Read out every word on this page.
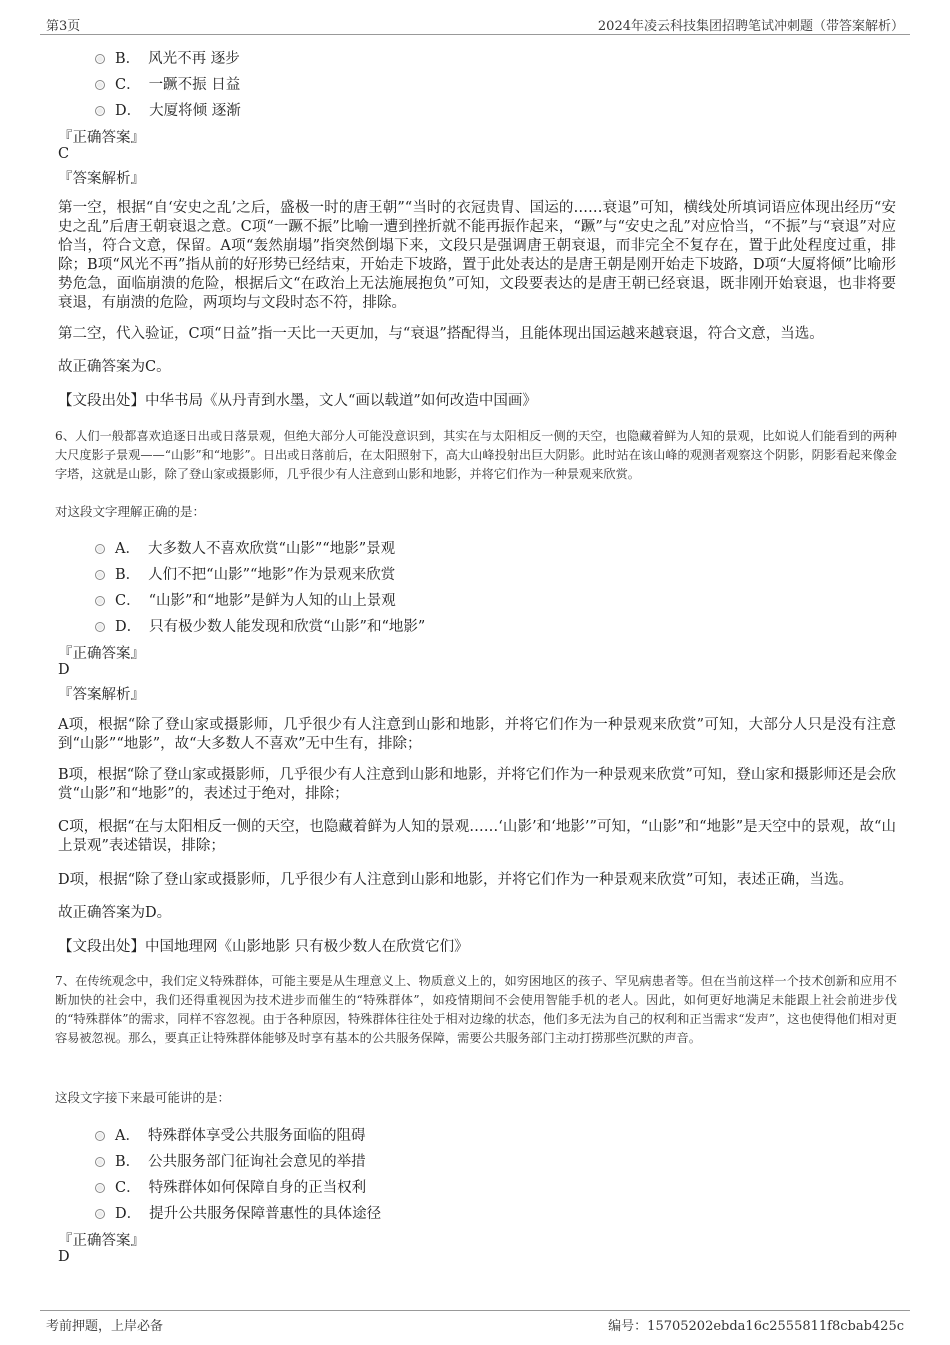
第3页	2024年凌云科技集团招聘笔试冲刺题（带答案解析）
B． 风光不再 逐步
C． 一蹶不振 日益
D． 大厦将倾 逐渐
『正确答案』
C
『答案解析』
第一空，根据“自‘安史之乱’之后，盛极一时的唐王朝”“当时的衣冠贵胄、国运的……衰退”可知，横线处所填词语应体现出经历“安史之乱”后唐王朝衰退之意。C项“一蹶不振”比喻一遭到挫折就不能再振作起来，“蹶”与“安史之乱”对应恰当，“不振”与“衰退”对应恰当，符合文意，保留。A项“轰然崩塌”指突然倒塌下来，文段只是强调唐王朝衰退，而非完全不复存在，置于此处程度过重，排除；B项“风光不再”指从前的好形势已经结束，开始走下坡路，置于此处表达的是唐王朝是刚开始走下坡路，D项“大厦将倾”比喻形势危急，面临崩溃的危险，根据后文“在政治上无法施展抱负”可知，文段要表达的是唐王朝已经衰退，既非刚开始衰退，也非将要衰退，有崩溃的危险，两项均与文段时态不符，排除。
第二空，代入验证，C项“日益”指一天比一天更加，与“衰退”搭配得当，且能体现出国运越来越衰退，符合文意，当选。
故正确答案为C。
【文段出处】中华书局《从丹青到水墨，文人“画以载道”如何改造中国画》
6、人们一般都喜欢追逐日出或日落景观，但绝大部分人可能没意识到，其实在与太阳相反一侧的天空，也隐藏着鲜为人知的景观，比如说人们能看到的两种大尺度影子景观——“山影”和“地影”。日出或日落前后，在太阳照射下，高大山峰投射出巨大阴影。此时站在该山峰的观测者观察这个阴影，阴影看起来像金字塔，这就是山影，除了登山家或摄影师，几乎很少有人注意到山影和地影，并将它们作为一种景观来欣赏。
对这段文字理解正确的是：
A． 大多数人不喜欢欣赏“山影”“地影”景观
B． 人们不把“山影”“地影”作为景观来欣赏
C． “山影”和“地影”是鲜为人知的山上景观
D． 只有极少数人能发现和欣赏“山影”和“地影”
『正确答案』
D
『答案解析』
A项，根据“除了登山家或摄影师，几乎很少有人注意到山影和地影，并将它们作为一种景观来欣赏”可知，大部分人只是没有注意到“山影”“地影”，故“大多数人不喜欢”无中生有，排除；
B项，根据“除了登山家或摄影师，几乎很少有人注意到山影和地影，并将它们作为一种景观来欣赏”可知，登山家和摄影师还是会欣赏“山影”和“地影”的，表述过于绝对，排除；
C项，根据“在与太阳相反一侧的天空，也隐藏着鲜为人知的景观……‘山影’和‘地影’”可知，“山影”和“地影”是天空中的景观，故“山上景观”表述错误，排除；
D项，根据“除了登山家或摄影师，几乎很少有人注意到山影和地影，并将它们作为一种景观来欣赏”可知，表述正确，当选。
故正确答案为D。
【文段出处】中国地理网《山影地影 只有极少数人在欣赏它们》
7、在传统观念中，我们定义特殊群体，可能主要是从生理意义上、物质意义上的，如穷困地区的孩子、罕见病患者等。但在当前这样一个技术创新和应用不断加快的社会中，我们还得重视因为技术进步而催生的“特殊群体”，如疫情期间不会使用智能手机的老人。因此，如何更好地满足未能跟上社会前进步伐的“特殊群体”的需求，同样不容忽视。由于各种原因，特殊群体往往处于相对边缘的状态，他们多无法为自己的权利和正当需求“发声”，这也使得他们相对更容易被忽视。那么，要真正让特殊群体能够及时享有基本的公共服务保障，需要公共服务部门主动打捞那些沉默的声音。
这段文字接下来最可能讲的是：
A． 特殊群体享受公共服务面临的阻碍
B． 公共服务部门征询社会意见的举措
C． 特殊群体如何保障自身的正当权利
D． 提升公共服务保障普惠性的具体途径
『正确答案』
D
考前押题，上岸必备	编号：15705202ebda16c2555811f8cbab425c
